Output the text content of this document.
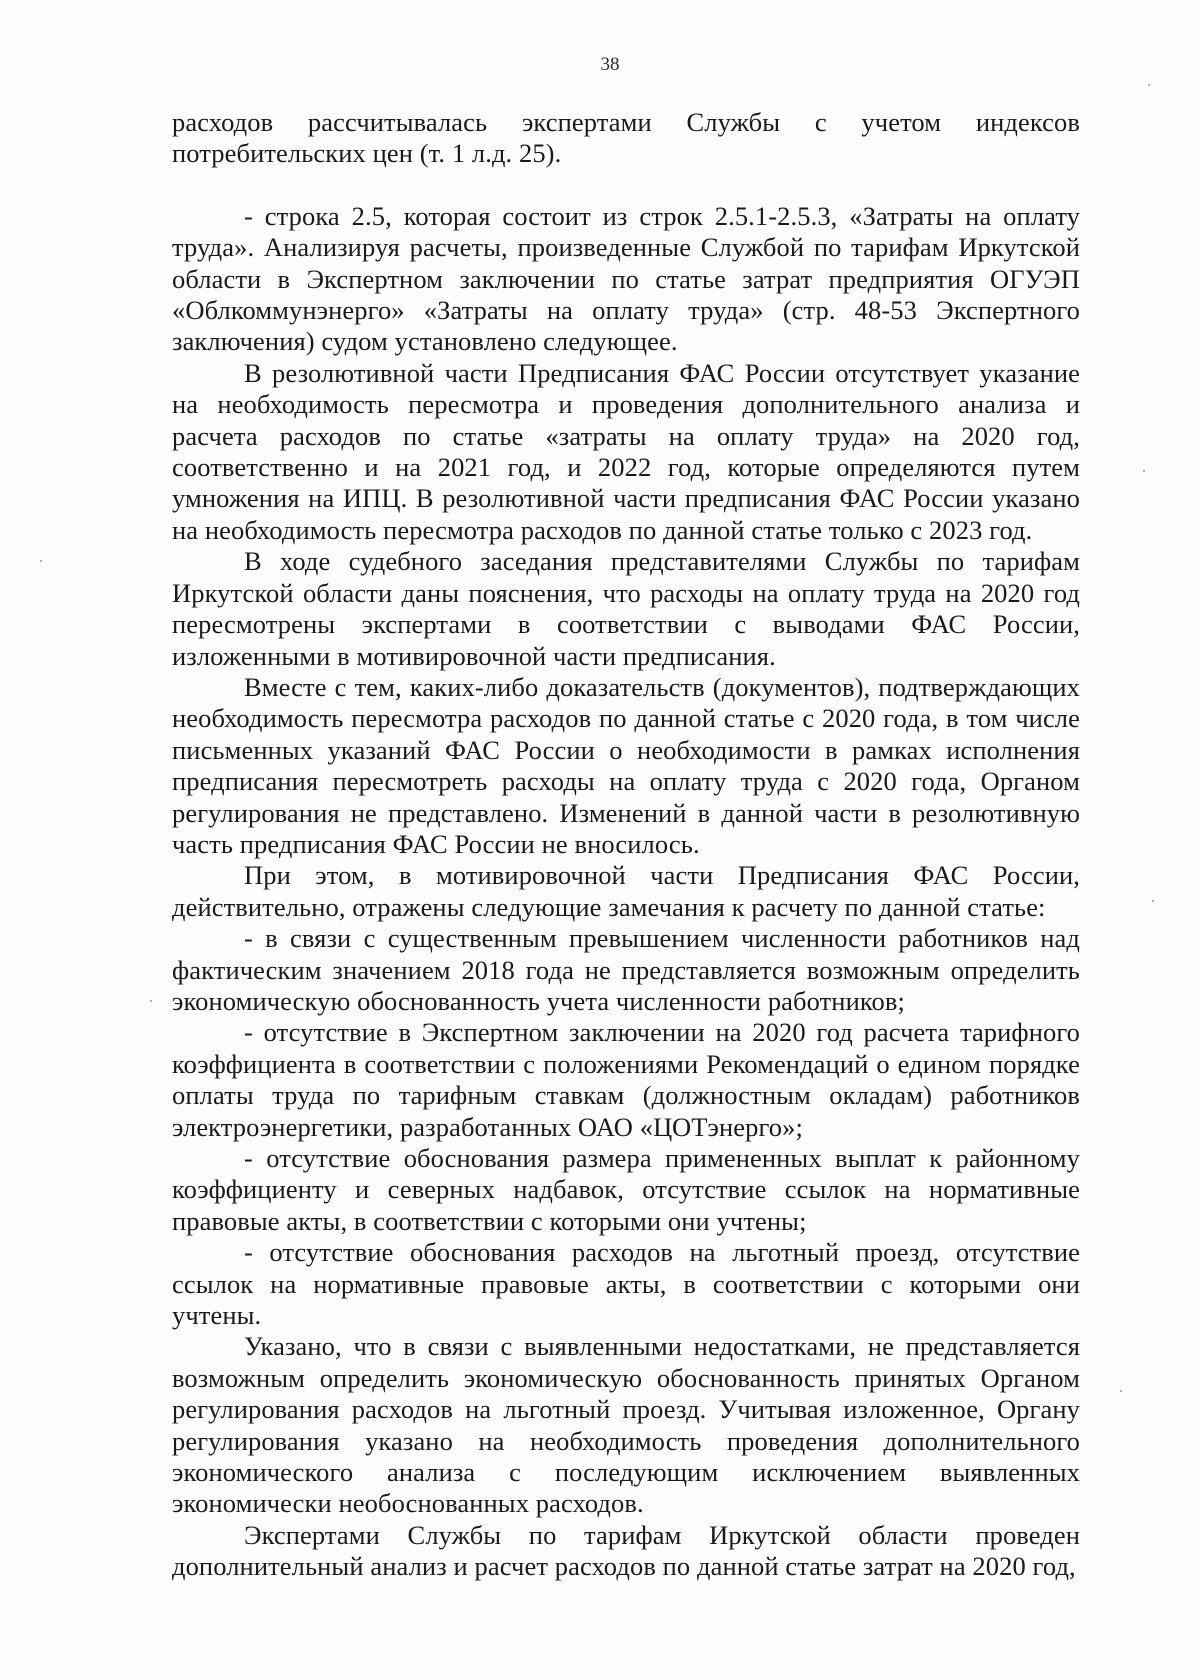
38

расходов рассчитывалась экспертами Службы с учетом индексов потребительских цен (т. 1 л.д. 25).

- строка 2.5, которая состоит из строк 2.5.1-2.5.3, «Затраты на оплату труда». Анализируя расчеты, произведенные Службой по тарифам Иркутской области в Экспертном заключении по статье затрат предприятия ОГУЭП «Облкоммунэнерго» «Затраты на оплату труда» (стр. 48-53 Экспертного заключения) судом установлено следующее.

В резолютивной части Предписания ФАС России отсутствует указание на необходимость пересмотра и проведения дополнительного анализа и расчета расходов по статье «затраты на оплату труда» на 2020 год, соответственно и на 2021 год, и 2022 год, которые определяются путем умножения на ИПЦ. В резолютивной части предписания ФАС России указано на необходимость пересмотра расходов по данной статье только с 2023 год.

В ходе судебного заседания представителями Службы по тарифам Иркутской области даны пояснения, что расходы на оплату труда на 2020 год пересмотрены экспертами в соответствии с выводами ФАС России, изложенными в мотивировочной части предписания.

Вместе с тем, каких-либо доказательств (документов), подтверждающих необходимость пересмотра расходов по данной статье с 2020 года, в том числе письменных указаний ФАС России о необходимости в рамках исполнения предписания пересмотреть расходы на оплату труда с 2020 года, Органом регулирования не представлено. Изменений в данной части в резолютивную часть предписания ФАС России не вносилось.

При этом, в мотивировочной части Предписания ФАС России, действительно, отражены следующие замечания к расчету по данной статье:

- в связи с существенным превышением численности работников над фактическим значением 2018 года не представляется возможным определить экономическую обоснованность учета численности работников;

- отсутствие в Экспертном заключении на 2020 год расчета тарифного коэффициента в соответствии с положениями Рекомендаций о едином порядке оплаты труда по тарифным ставкам (должностным окладам) работников электроэнергетики, разработанных ОАО «ЦОТэнерго»;

- отсутствие обоснования размера примененных выплат к районному коэффициенту и северных надбавок, отсутствие ссылок на нормативные правовые акты, в соответствии с которыми они учтены;

- отсутствие обоснования расходов на льготный проезд, отсутствие ссылок на нормативные правовые акты, в соответствии с которыми они учтены.

Указано, что в связи с выявленными недостатками, не представляется возможным определить экономическую обоснованность принятых Органом регулирования расходов на льготный проезд. Учитывая изложенное, Органу регулирования указано на необходимость проведения дополнительного экономического анализа с последующим исключением выявленных экономически необоснованных расходов.

Экспертами Службы по тарифам Иркутской области проведен дополнительный анализ и расчет расходов по данной статье затрат на 2020 год,
